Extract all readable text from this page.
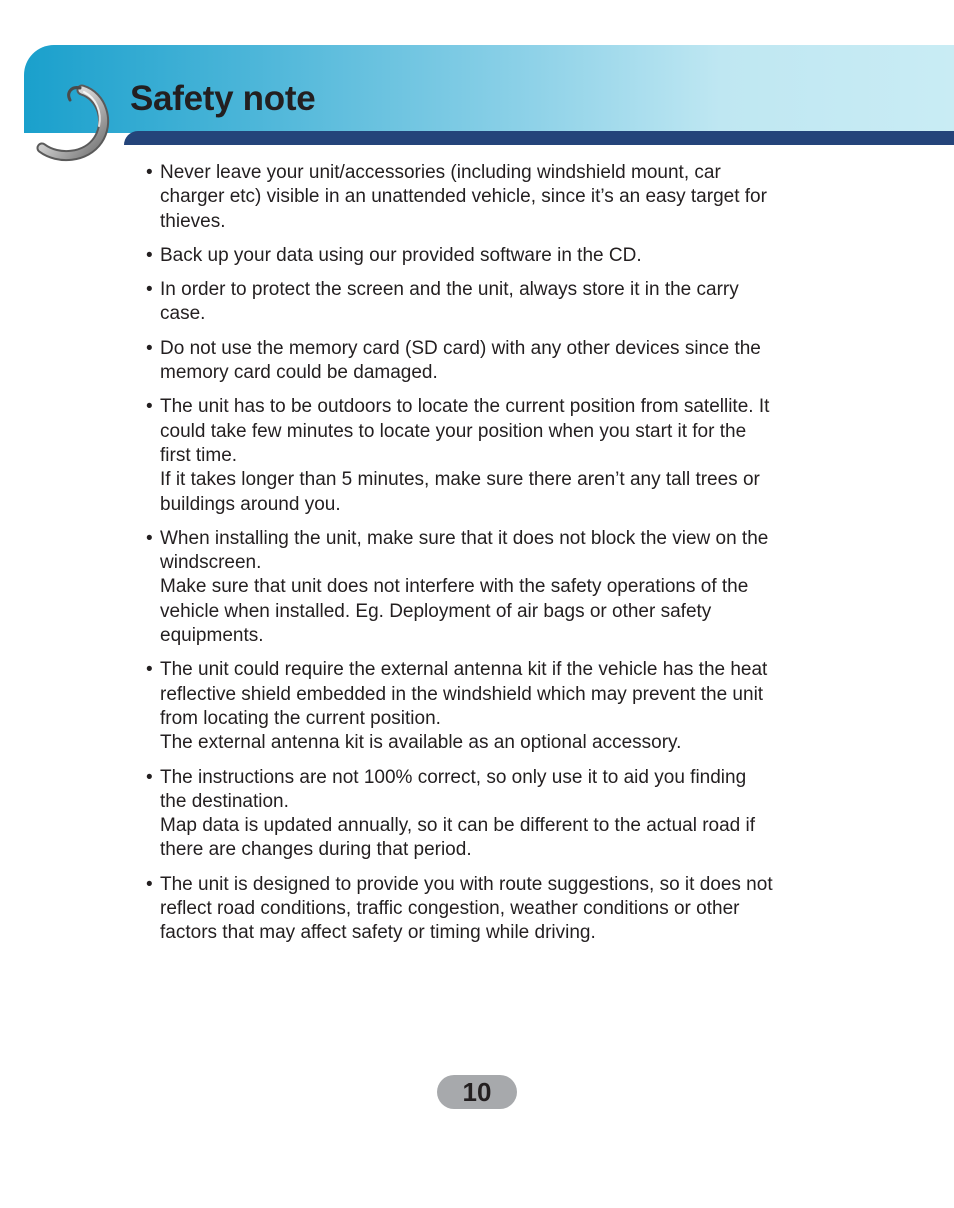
Safety note
• Never leave your unit/accessories (including windshield mount, car charger etc) visible in an unattended vehicle, since it’s an easy target for thieves.
• Back up your data using our provided software in the CD.
• In order to protect the screen and the unit, always store it in the carry case.
• Do not use the memory card (SD card) with any other devices since the memory card could be damaged.
• The unit has to be outdoors to locate the current position from satellite. It could take few minutes to locate your position when you start it for the first time.
If it takes longer than 5 minutes, make sure there aren’t any tall trees or buildings around you.
• When installing the unit, make sure that it does not block the view on the windscreen.
Make sure that unit does not interfere with the safety operations of the vehicle when installed. Eg. Deployment of air bags or other safety equipments.
• The unit could require the external antenna kit if the vehicle has the heat reflective shield embedded in the windshield which may prevent the unit from locating the current position.
The external antenna kit is available as an optional accessory.
• The instructions are not 100% correct, so only use it to aid you finding the destination.
Map data is updated annually, so it can be different to the actual road if there are changes during that period.
• The unit is designed to provide you with route suggestions, so it does not reflect road conditions, traffic congestion, weather conditions or other factors that may affect safety or timing while driving.
10
